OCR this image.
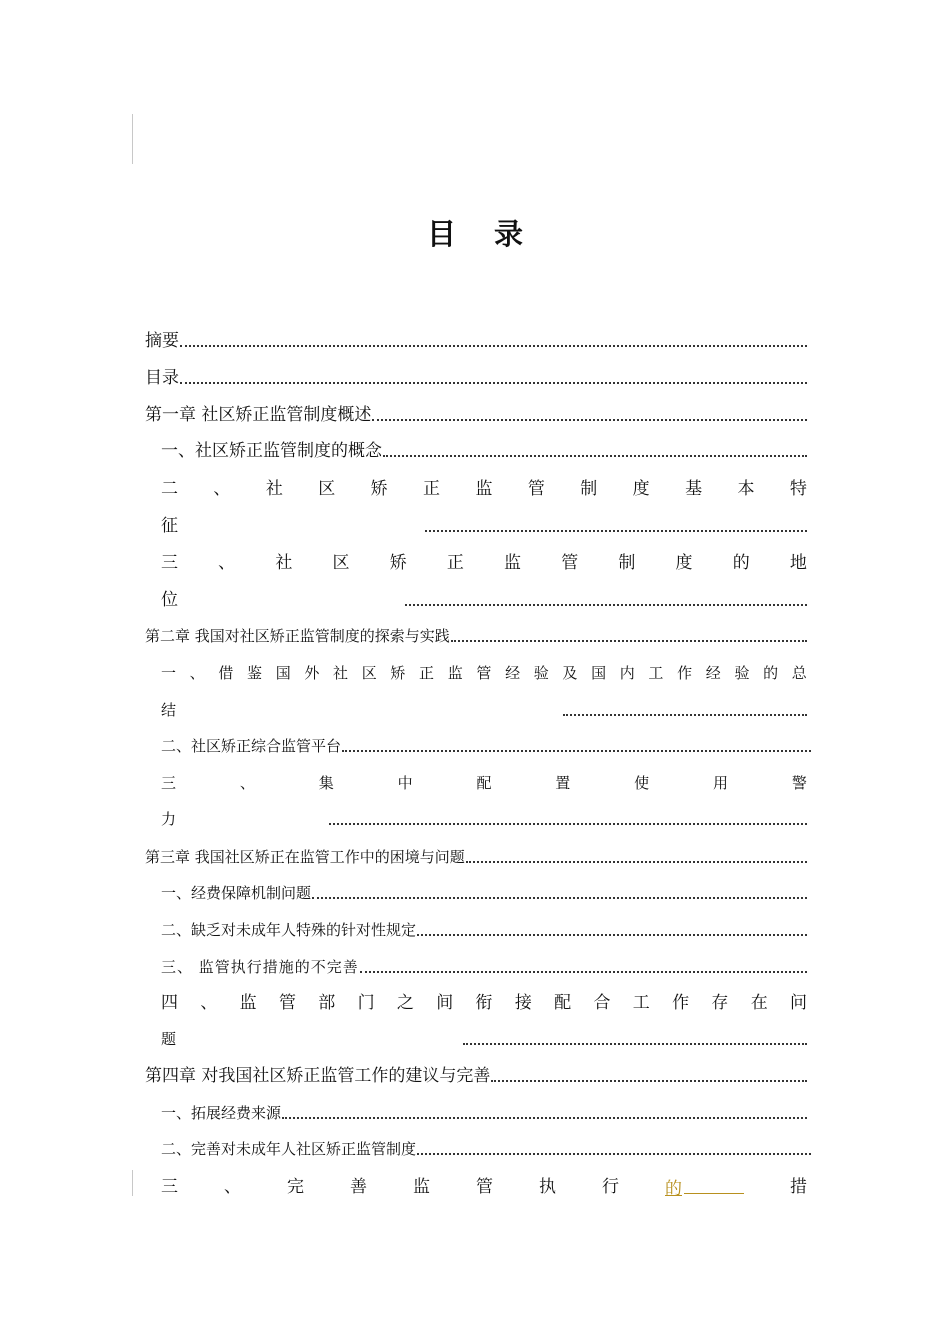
目 录
摘要
目录
第一章 社区矫正监管制度概述
一、社区矫正监管制度的概念
二 、 社 区 矫 正 监 管 制 度 基 本 特
征
三 、 社 区 矫 正 监 管 制 度 的 地
位
第二章 我国对社区矫正监管制度的探索与实践
一 、 借 鉴 国 外 社 区 矫 正 监 管 经 验 及 国 内 工 作 经 验 的 总
结
二、社区矫正综合监管平台
三	、	集	中	配	置	使	用	警
力
第三章 我国社区矫正在监管工作中的困境与问题
一、经费保障机制问题
二、缺乏对未成年人特殊的针对性规定
三、 监管执行措施的不完善
四 、 监 管 部 门 之 间 衔 接 配 合 工 作 存 在 问
题
第四章 对我国社区矫正监管工作的建议与完善
一、拓展经费来源
二、完善对未成年人社区矫正监管制度
三	、	完	善	监	管	执	行	的	措
